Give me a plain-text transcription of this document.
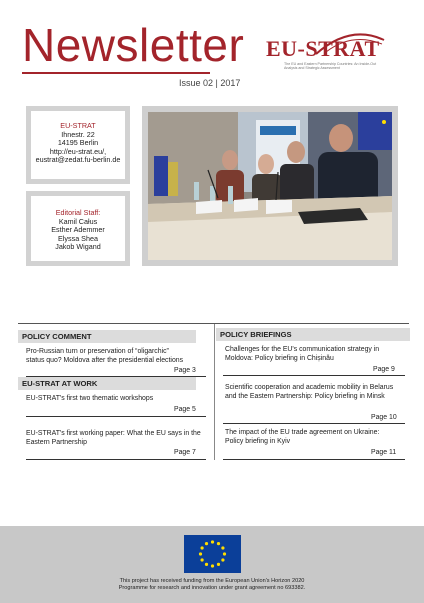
Newsletter
Issue 02 | 2017
EU-STRAT
The EU and Eastern Partnership Countries: An Inside-Out Analysis and Strategic Assessment
EU-STRAT
Ihnestr. 22
14195 Berlin
http://eu-strat.eu/,
eustrat@zedat.fu-berlin.de
Editorial Staff:
Kamil Całus
Esther Ademmer
Elyssa Shea
Jakob Wigand
POLICY COMMENT
Pro-Russian turn or preservation of “oligarchic” status quo? Moldova after the presidential elections
Page 3
EU-STRAT AT WORK
EU-STRAT's first two thematic workshops
Page 5
EU-STRAT's first working paper: What the EU says in the Eastern Partnership
Page 7
POLICY BRIEFINGS
Challenges for the EU's communication strategy in Moldova: Policy briefing in Chișinău
Page 9
Scientific cooperation and academic mobility in Belarus and the Eastern Partnership: Policy briefing in Minsk
Page 10
The impact of the EU trade agreement on Ukraine: Policy briefing in Kyiv
Page 11
This project has received funding from the European Union's Horizon 2020
Programme for research and innovation under grant agreement no 693382.
